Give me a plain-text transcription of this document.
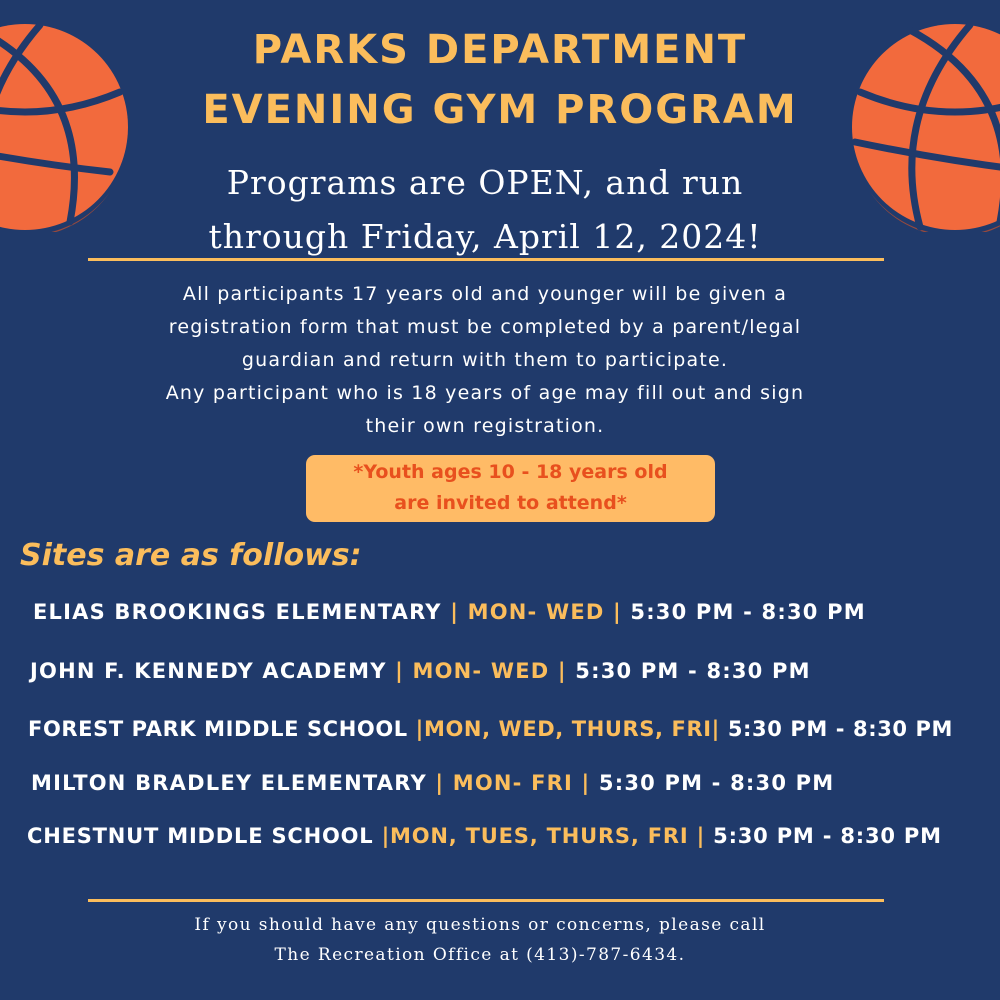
PARKS DEPARTMENT
EVENING GYM PROGRAM
Programs are OPEN, and run
through Friday, April 12, 2024!
All participants 17 years old and younger will be given a
registration form that must be completed by a parent/legal
guardian and return with them to participate.
Any participant who is 18 years of age may fill out and sign
their own registration.
*Youth ages 10 - 18 years old
are invited to attend*
Sites are as follows:
ELIAS BROOKINGS ELEMENTARY | MON- WED | 5:30 PM - 8:30 PM
JOHN F. KENNEDY ACADEMY | MON- WED | 5:30 PM - 8:30 PM
FOREST PARK MIDDLE SCHOOL |MON, WED, THURS, FRI| 5:30 PM - 8:30 PM
MILTON BRADLEY ELEMENTARY | MON- FRI | 5:30 PM - 8:30 PM
CHESTNUT MIDDLE SCHOOL |MON, TUES, THURS, FRI | 5:30 PM - 8:30 PM
If you should have any questions or concerns, please call
The Recreation Office at (413)-787-6434.
